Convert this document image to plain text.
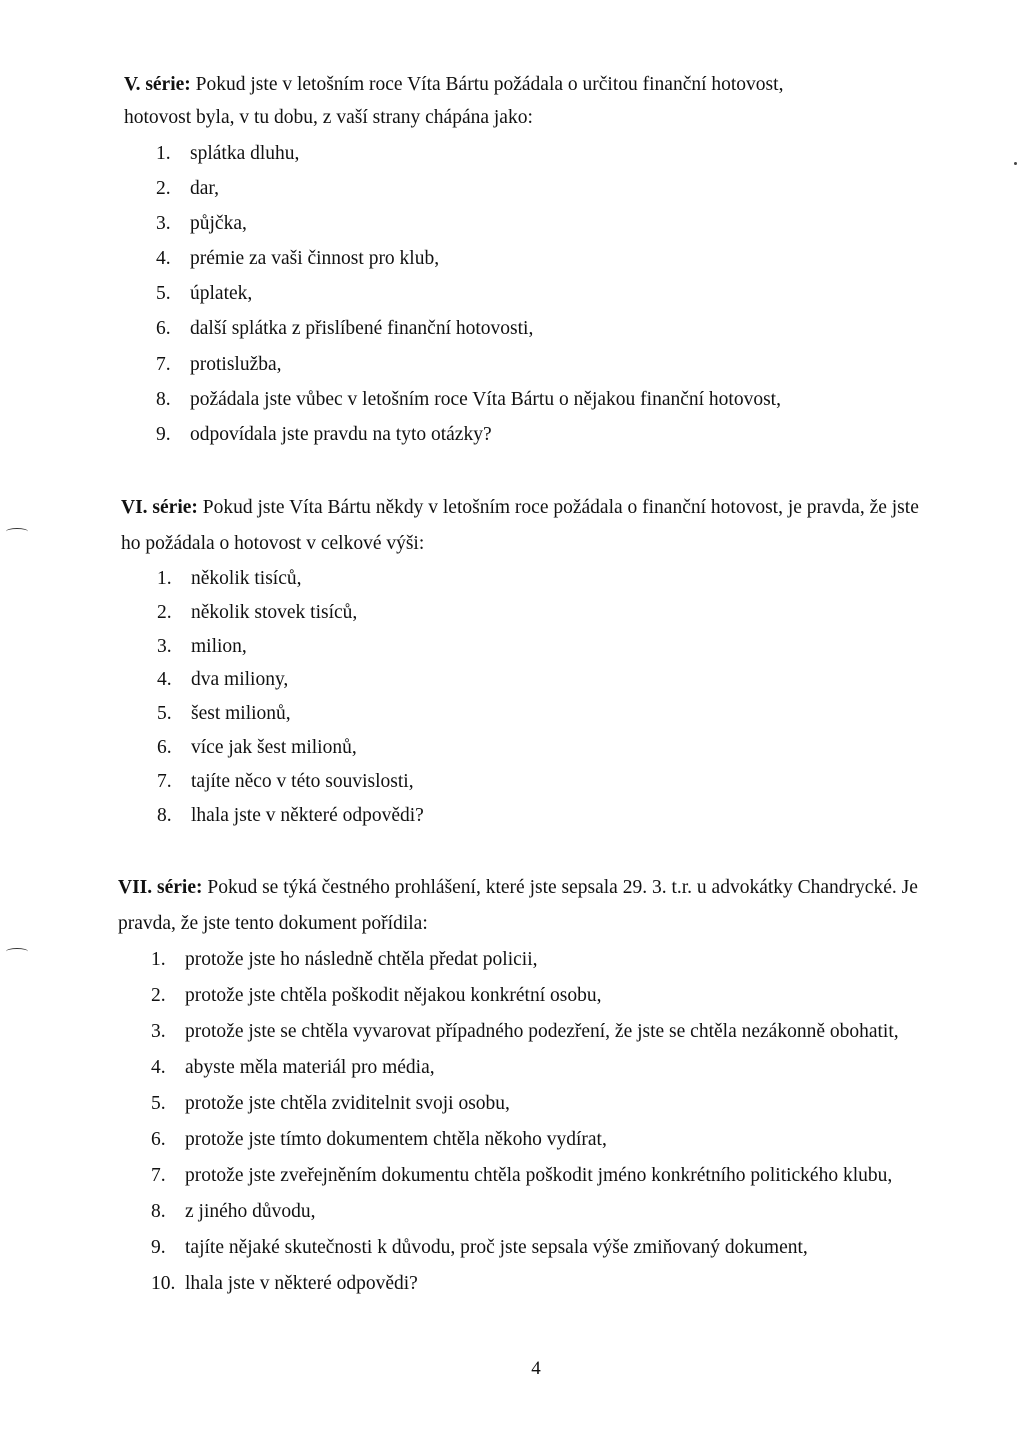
V. série: Pokud jste v letošním roce Víta Bártu požádala o určitou finanční hotovost,
hotovost byla, v tu dobu, z vaší strany chápána jako:

1. splátka dluhu,
2. dar,
3. půjčka,
4. prémie za vaši činnost pro klub,
5. úplatek,
6. další splátka z přislíbené finanční hotovosti,
7. protislužba,
8. požádala jste vůbec v letošním roce Víta Bártu o nějakou finanční hotovost,
9. odpovídala jste pravdu na tyto otázky?

VI. série: Pokud jste Víta Bártu někdy v letošním roce požádala o finanční hotovost, je pravda, že jste
ho požádala o hotovost v celkové výši:

1. několik tisíců,
2. několik stovek tisíců,
3. milion,
4. dva miliony,
5. šest milionů,
6. více jak šest milionů,
7. tajíte něco v této souvislosti,
8. lhala jste v některé odpovědi?

VII. série: Pokud se týká čestného prohlášení, které jste sepsala 29. 3. t.r. u advokátky Chandrycké. Je
pravda, že jste tento dokument pořídila:

1. protože jste ho následně chtěla předat policii,
2. protože jste chtěla poškodit nějakou konkrétní osobu,
3. protože jste se chtěla vyvarovat případného podezření, že jste se chtěla nezákonně obohatit,
4. abyste měla materiál pro média,
5. protože jste chtěla zviditelnit svoji osobu,
6. protože jste tímto dokumentem chtěla někoho vydírat,
7. protože jste zveřejněním dokumentu chtěla poškodit jméno konkrétního politického klubu,
8. z jiného důvodu,
9. tajíte nějaké skutečnosti k důvodu, proč jste sepsala výše zmiňovaný dokument,
10. lhala jste v některé odpovědi?
4
